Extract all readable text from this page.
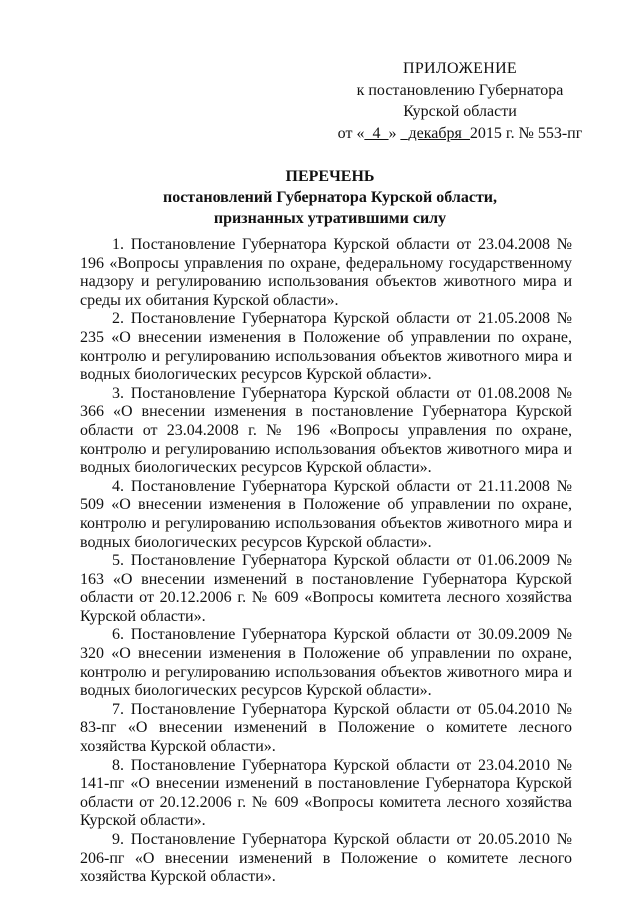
ПРИЛОЖЕНИЕ
к постановлению Губернатора
Курской области
от «_4_» _декабря_2015 г. № 553-пг
ПЕРЕЧЕНЬ
постановлений Губернатора Курской области,
признанных утратившими силу

1. Постановление Губернатора Курской области от 23.04.2008 № 196 «Вопросы управления по охране, федеральному государственному надзору и регулированию использования объектов животного мира и среды их обитания Курской области».

2. Постановление Губернатора Курской области от 21.05.2008 № 235 «О внесении изменения в Положение об управлении по охране, контролю и регулированию использования объектов животного мира и водных биологических ресурсов Курской области».

3. Постановление Губернатора Курской области от 01.08.2008 № 366 «О внесении изменения в постановление Губернатора Курской области от 23.04.2008 г. № 196 «Вопросы управления по охране, контролю и регулированию использования объектов животного мира и водных биологических ресурсов Курской области».

4. Постановление Губернатора Курской области от 21.11.2008 № 509 «О внесении изменения в Положение об управлении по охране, контролю и регулированию использования объектов животного мира и водных биологических ресурсов Курской области».

5. Постановление Губернатора Курской области от 01.06.2009 № 163 «О внесении изменений в постановление Губернатора Курской области от 20.12.2006 г. № 609 «Вопросы комитета лесного хозяйства Курской области».

6. Постановление Губернатора Курской области от 30.09.2009 № 320 «О внесении изменения в Положение об управлении по охране, контролю и регулированию использования объектов животного мира и водных биологических ресурсов Курской области».

7. Постановление Губернатора Курской области от 05.04.2010 № 83-пг «О внесении изменений в Положение о комитете лесного хозяйства Курской области».

8. Постановление Губернатора Курской области от 23.04.2010 № 141-пг «О внесении изменений в постановление Губернатора Курской области от 20.12.2006 г. № 609 «Вопросы комитета лесного хозяйства Курской области».

9. Постановление Губернатора Курской области от 20.05.2010 № 206-пг «О внесении изменений в Положение о комитете лесного хозяйства Курской области».
